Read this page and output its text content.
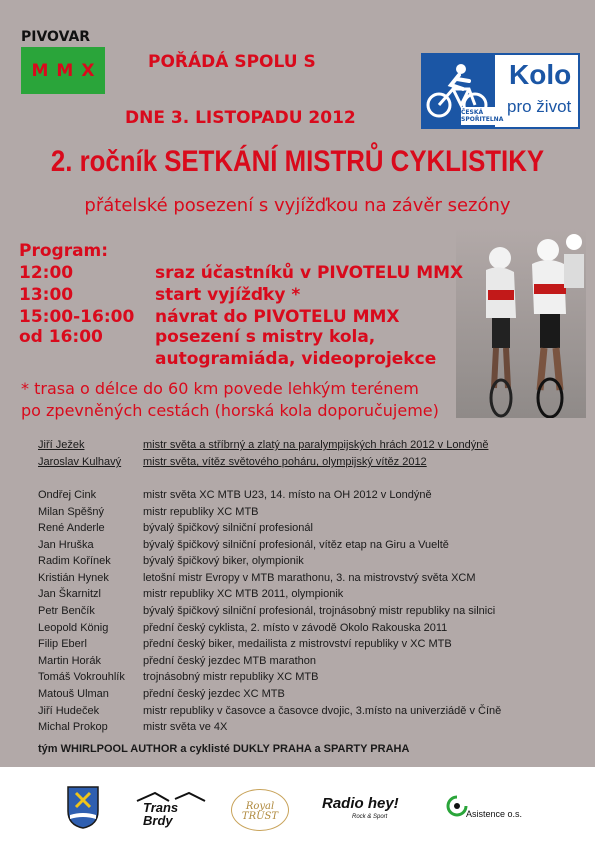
PIVOVAR
MMX	POŘÁDÁ SPOLU S
DNE 3. LISTOPADU 2012	ČESKÁ SPOŘITELNA
Kolo
pro život
2. ročník SETKÁNÍ MISTRŮ CYKLISTIKY
přátelské posezení s vyjížďkou na závěr sezóny
Program:
12:00	sraz účastníků v PIVOTELU MMX
13:00	start vyjížďky *
15:00-16:00 návrat do PIVOTELU MMX
od 16:00	posezení s mistry kola,
autogramiáda, videoprojekce
* trasa o délce do 60 km povede lehkým terénem
po zpevněných cestách (horská kola doporučujeme)
Jiří Ježek	mistr světa a stříbrný a zlatý na paralympijských hrách 2012 v Londýně
Jaroslav Kulhavý mistr světa, vítěz světového poháru, olympijský vítěz 2012
Ondřej Cink	mistr světa XC MTB U23, 14. místo na OH 2012 v Londýně
Milan Spěšný	mistr republiky XC MTB
René Anderle	bývalý špičkový silniční profesionál
Jan Hruška	bývalý špičkový silniční profesionál, vítěz etap na Giru a Vueltě
Radim Kořínek	bývalý špičkový biker, olympionik
Kristián Hynek	letošní mistr Evropy v MTB marathonu, 3. na mistrovstvý světa XCM
Jan Škarnitzl	mistr republiky XC MTB 2011, olympionik
Petr Benčík	bývalý špičkový silniční profesionál, trojnásobný mistr republiky na silnici
Leopold König	přední český cyklista, 2. místo v závodě Okolo Rakouska 2011
Filip Eberl	přední český biker, medailista z mistrovství republiky v XC MTB
Martin Horák	přední český jezdec MTB marathon
Tomáš Vokrouhlík trojnásobný mistr republiky XC MTB
Matouš Ulman	přední český jezdec XC MTB
Jiří Hudeček	mistr republiky v časovce a časovce dvojic, 3.místo na univerziádě v Číně
Michal Prokop	mistr světa ve 4X
tým WHIRLPOOL AUTHOR a cyklisté DUKLY PRAHA a SPARTY PRAHA
Trans Brdy
Royal TRUST
Radio hey!
Rock & Sport	Asistence o.s.
